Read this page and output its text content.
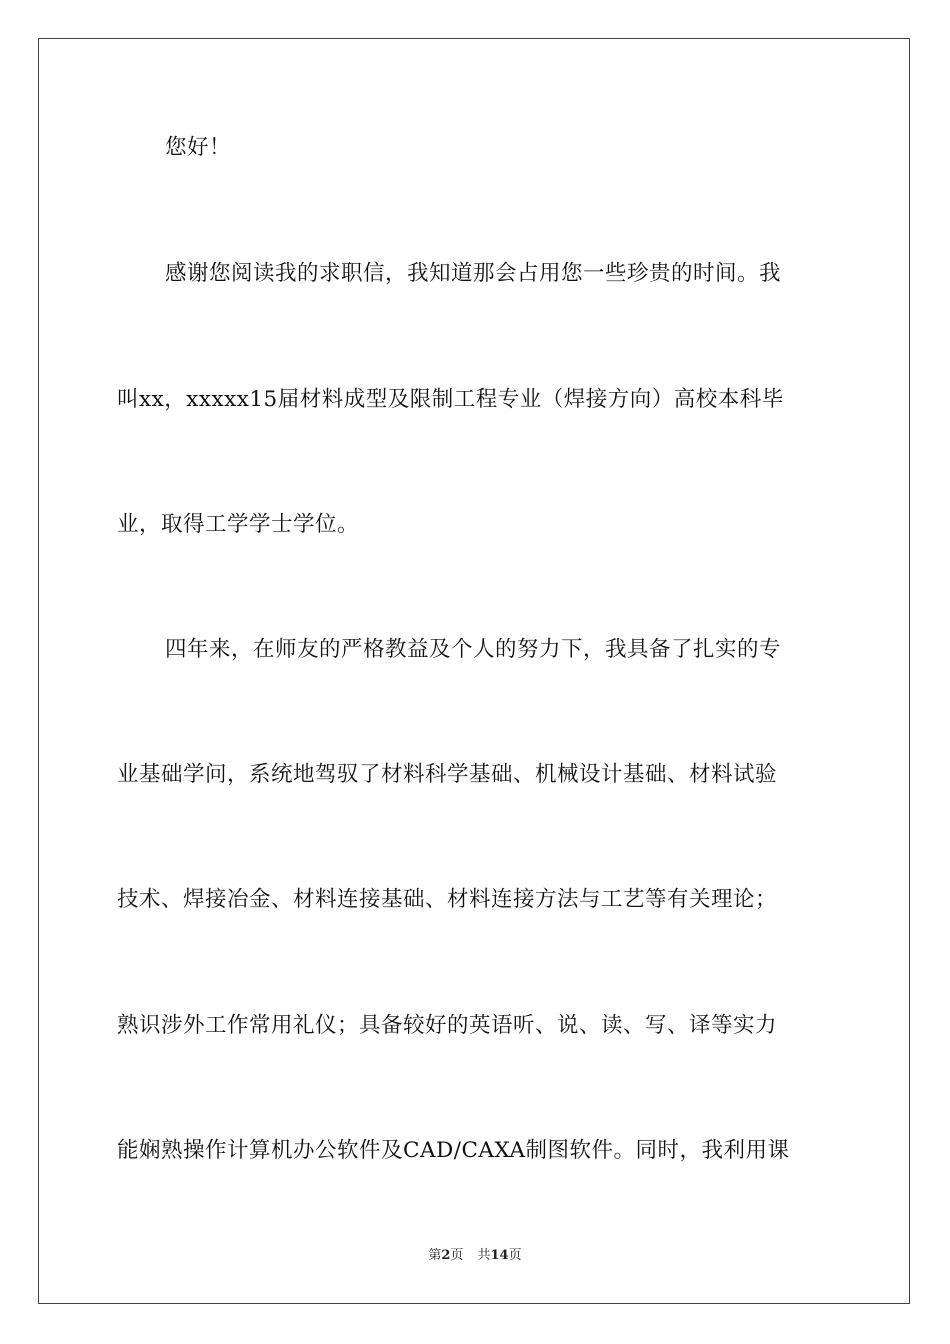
您好！
感谢您阅读我的求职信，我知道那会占用您一些珍贵的时间。我
叫xx，xxxxx15届材料成型及限制工程专业（焊接方向）高校本科毕
业，取得工学学士学位。
四年来，在师友的严格教益及个人的努力下，我具备了扎实的专
业基础学问，系统地驾驭了材料科学基础、机械设计基础、材料试验
技术、焊接冶金、材料连接基础、材料连接方法与工艺等有关理论；
熟识涉外工作常用礼仪；具备较好的英语听、说、读、写、译等实力
能娴熟操作计算机办公软件及CAD/CAXA制图软件。同时，我利用课
第2页 共14页
